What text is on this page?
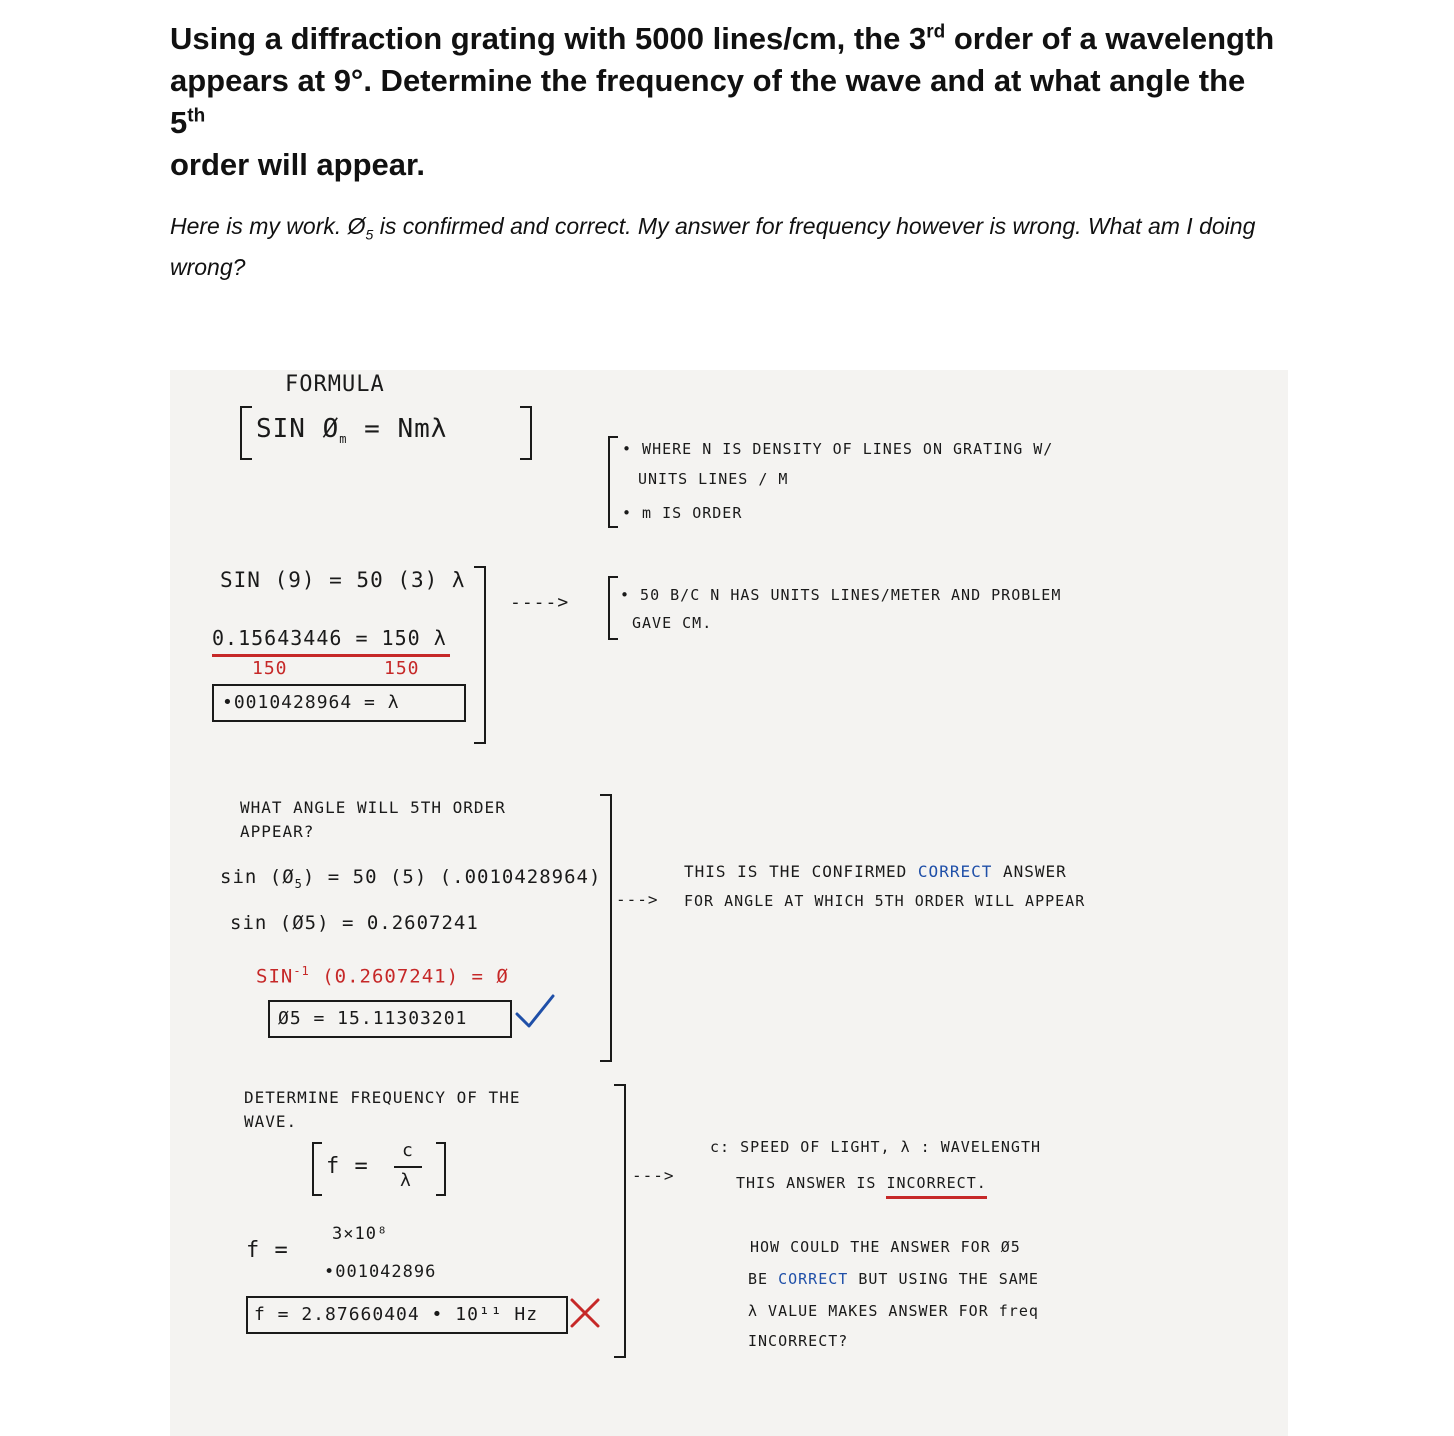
Using a diffraction grating with 5000 lines/cm, the 3rd order of a wavelength
appears at 9°. Determine the frequency of the wave and at what angle the 5th
order will appear.
Here is my work. $Ø_5$ is confirmed and correct. My answer for frequency however is wrong. What am I doing wrong?
FORMULA
SIN $Ø_m = Nm\lambda$
• WHERE N IS DENSITY OF LINES ON GRATING W/
UNITS LINES / M
• m IS ORDER
SIN (9) = 50 (3) λ
0.15643446 = 150 λ
150	150
•0010428964 = λ
---->	• 50 B/C N HAS UNITS LINES/METER AND PROBLEM
GAVE CM.
WHAT ANGLE WILL 5TH ORDER
APPEAR?
$\sin (Ø_5) = 50$ (5) (.0010428964)
sin (Ø5) = 0.2607241
$SIN^{-1}$ (0.2607241) = Ø
Ø5 = 15.11303201
--->
THIS IS THE CONFIRMED CORRECT ANSWER
FOR ANGLE AT WHICH 5TH ORDER WILL APPEAR
DETERMINE FREQUENCY OF THE
WAVE.
f =
c
λ
f =
3×10⁸
•001042896
f = 2.87660404 • 10¹¹ Hz
--->
c: SPEED OF LIGHT, λ : WAVELENGTH
THIS ANSWER IS INCORRECT.
HOW COULD THE ANSWER FOR Ø5
BE CORRECT BUT USING THE SAME
λ VALUE MAKES ANSWER FOR freq
INCORRECT?
